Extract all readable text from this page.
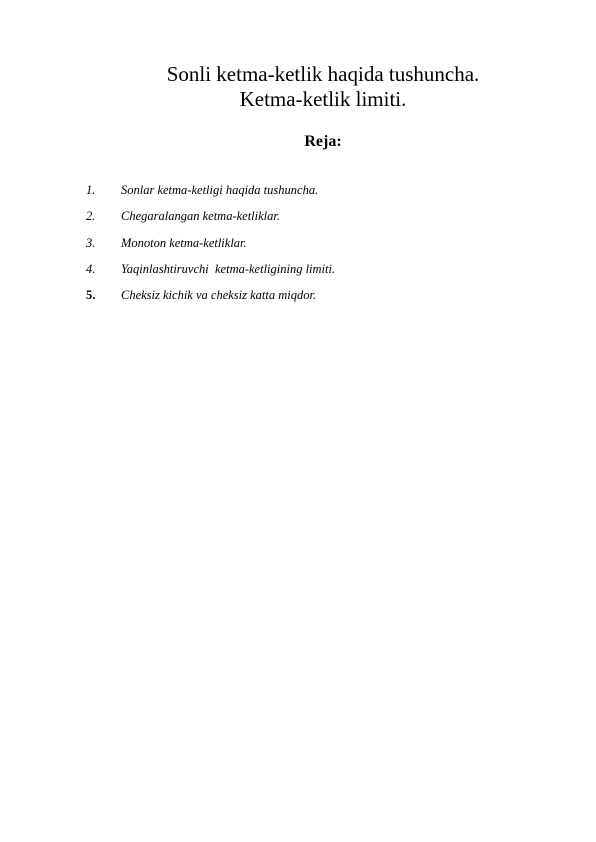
Sonli ketma-ketlik haqida tushuncha.
Ketma-ketlik limiti.
Reja:
1.	Sonlar ketma-ketligi haqida tushuncha.
2.	Chegaralangan ketma-ketliklar.
3.	Monoton ketma-ketliklar.
4.	Yaqinlashtiruvchi  ketma-ketligining limiti.
5.	Cheksiz kichik va cheksiz katta miqdor.
